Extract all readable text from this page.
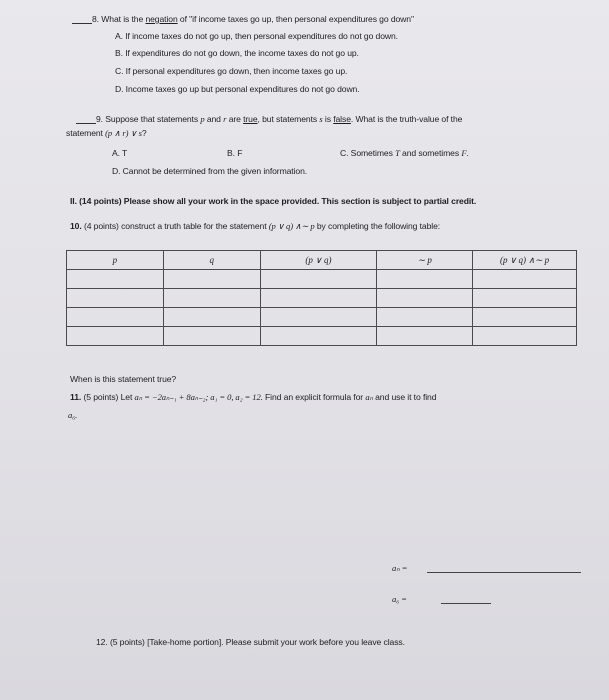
8. What is the negation of "if income taxes go up, then personal expenditures go down"
A. If income taxes do not go up, then personal expenditures do not go down.
B. If expenditures do not go down, the income taxes do not go up.
C. If personal expenditures go down, then income taxes go up.
D. Income taxes go up but personal expenditures do not go down.
9. Suppose that statements p and r are true, but statements s is false. What is the truth-value of the
statement (p ∧ r) ∨ s?
A. T	B. F	C. Sometimes T and sometimes F.
D. Cannot be determined from the given information.
II. (14 points) Please show all your work in the space provided. This section is subject to partial credit.
10. (4 points) construct a truth table for the statement (p ∨ q) ∧∼ p by completing the following table:
p	q	(p ∨ q)	∼ p	(p ∨ q) ∧∼ p

When is this statement true?
11. (5 points) Let aₙ = −2aₙ₋₁ + 8aₙ₋₂; a₁ = 0, a₂ = 12. Find an explicit formula for aₙ and use it to find
a₆.
aₙ =
a₆ =
12. (5 points) [Take-home portion]. Please submit your work before you leave class.
